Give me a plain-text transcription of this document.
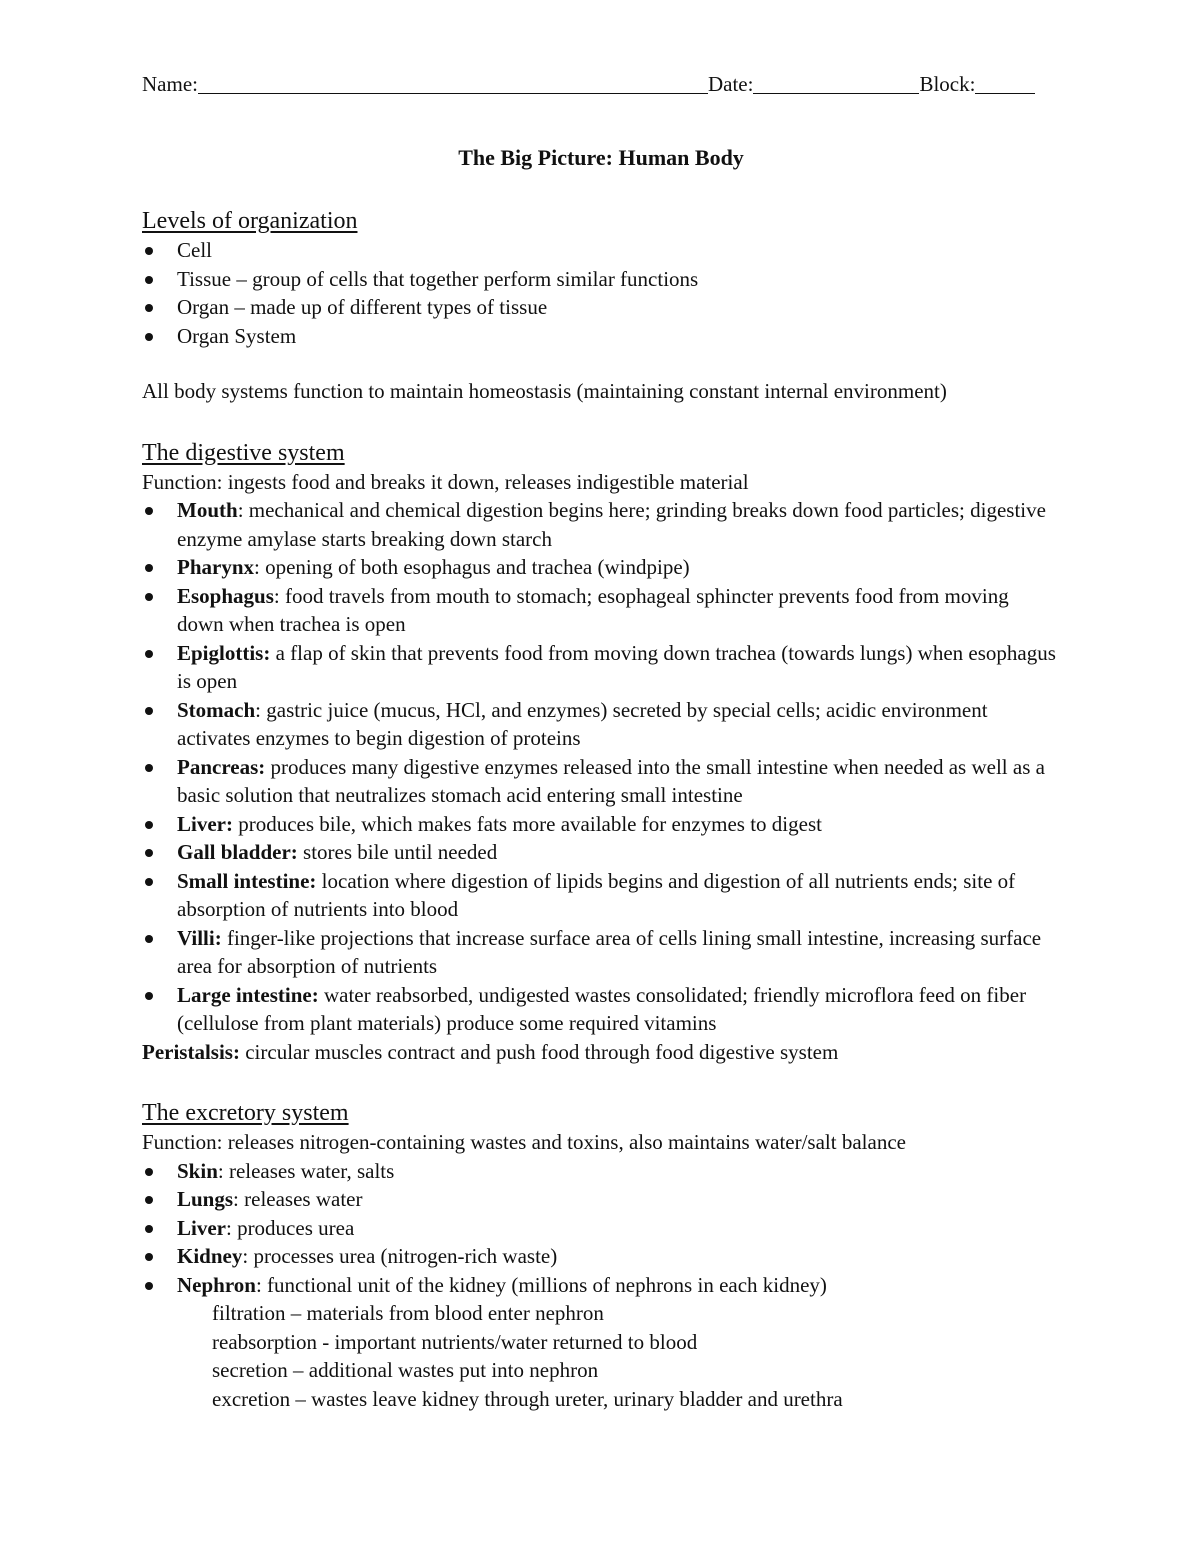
Name:	Date:	Block:
The Big Picture: Human Body
Levels of organization
Cell
Tissue – group of cells that together perform similar functions
Organ – made up of different types of tissue
Organ System

All body systems function to maintain homeostasis (maintaining constant internal environment)

The digestive system

Function: ingests food and breaks it down, releases indigestible material

Mouth: mechanical and chemical digestion begins here; grinding breaks down food particles; digestive enzyme amylase starts breaking down starch
Pharynx: opening of both esophagus and trachea (windpipe)
Esophagus: food travels from mouth to stomach; esophageal sphincter prevents food from moving down when trachea is open
Epiglottis: a flap of skin that prevents food from moving down trachea (towards lungs) when esophagus is open
Stomach: gastric juice (mucus, HCl, and enzymes) secreted by special cells; acidic environment activates enzymes to begin digestion of proteins
Pancreas: produces many digestive enzymes released into the small intestine when needed as well as a basic solution that neutralizes stomach acid entering small intestine
Liver: produces bile, which makes fats more available for enzymes to digest
Gall bladder: stores bile until needed
Small intestine: location where digestion of lipids begins and digestion of all nutrients ends; site of absorption of nutrients into blood
Villi: finger-like projections that increase surface area of cells lining small intestine, increasing surface area for absorption of nutrients
Large intestine: water reabsorbed, undigested wastes consolidated; friendly microflora feed on fiber (cellulose from plant materials) produce some required vitamins

Peristalsis: circular muscles contract and push food through food digestive system

The excretory system

Function: releases nitrogen-containing wastes and toxins, also maintains water/salt balance

Skin: releases water, salts
Lungs: releases water
Liver: produces urea
Kidney: processes urea (nitrogen-rich waste)
Nephron: functional unit of the kidney (millions of nephrons in each kidney)
filtration – materials from blood enter nephron
reabsorption - important nutrients/water returned to blood
secretion – additional wastes put into nephron
excretion – wastes leave kidney through ureter, urinary bladder and urethra
